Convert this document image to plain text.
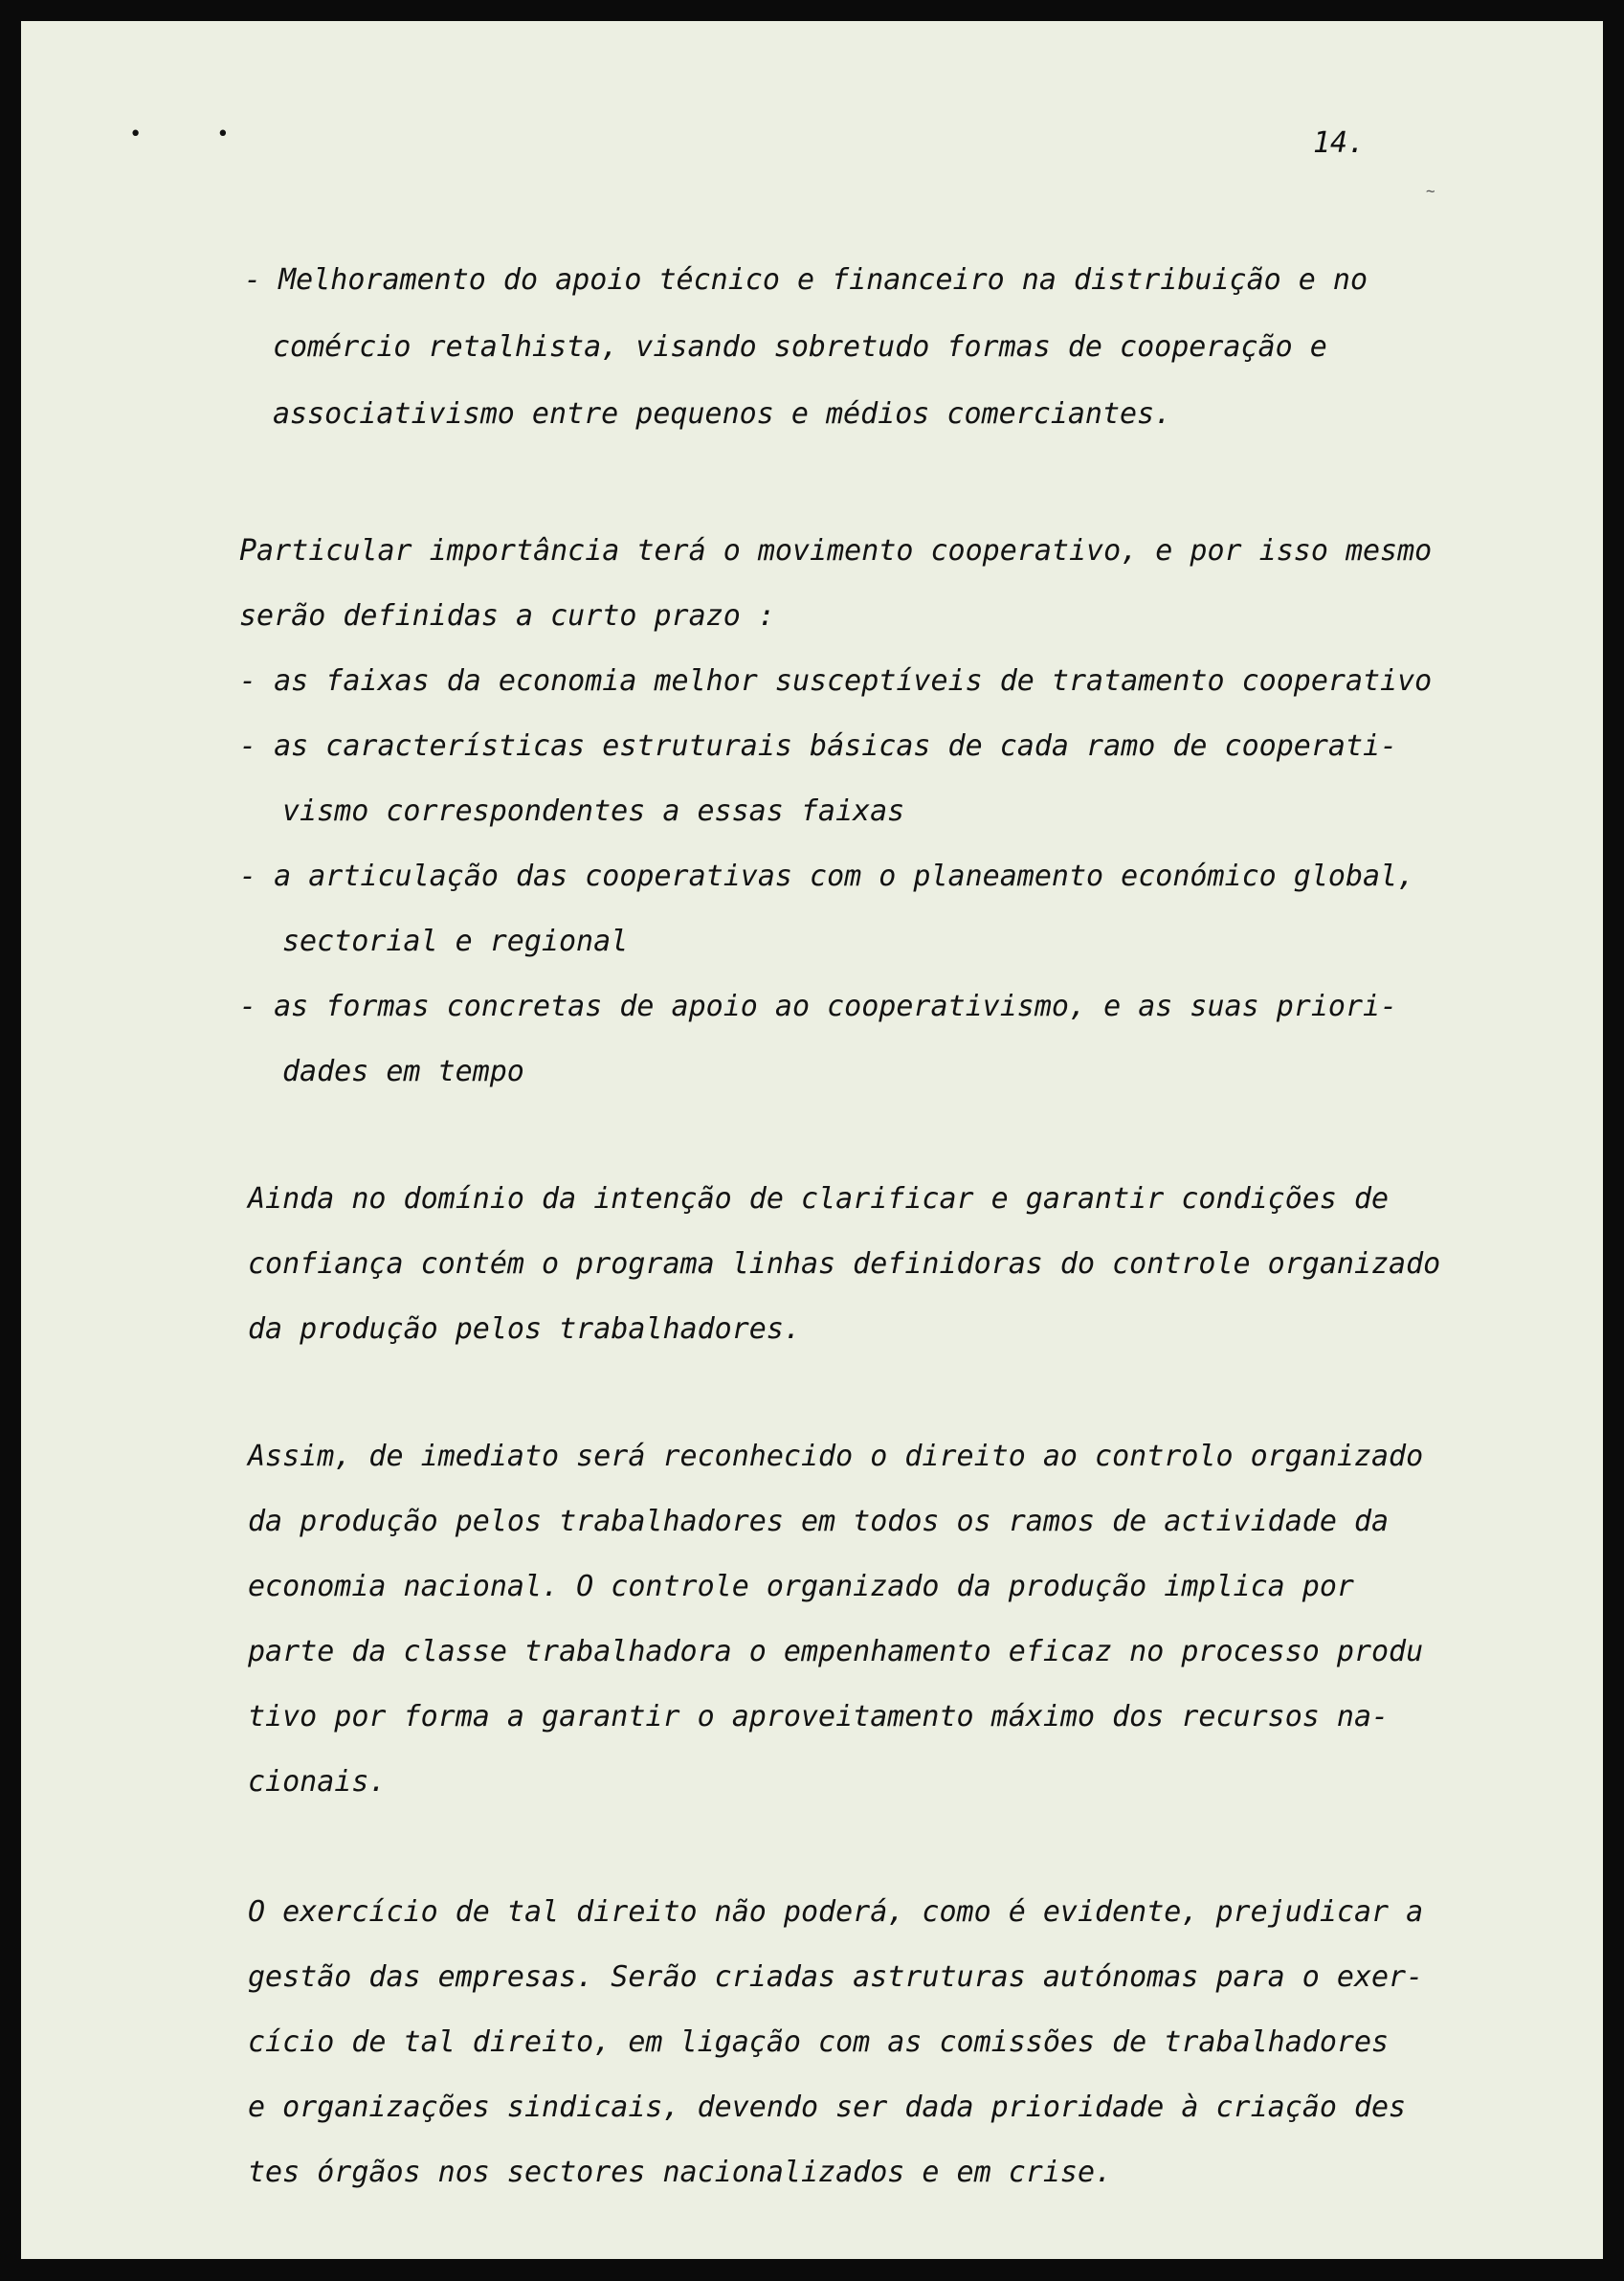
••	14.
~

- Melhoramento do apoio técnico e financeiro na distribuição e no

comércio retalhista, visando sobretudo formas de cooperação e

associativismo entre pequenos e médios comerciantes.

Particular importância terá o movimento cooperativo, e por isso mesmo

serão definidas a curto prazo :

- as faixas da economia melhor susceptíveis de tratamento cooperativo

- as características estruturais básicas de cada ramo de cooperati-

vismo correspondentes a essas faixas

- a articulação das cooperativas com o planeamento económico global,

sectorial e regional

- as formas concretas de apoio ao cooperativismo, e as suas priori-

dades em tempo

Ainda no domínio da intenção de clarificar e garantir condições de

confiança contém o programa linhas definidoras do controle organizado

da produção pelos trabalhadores.

Assim, de imediato será reconhecido o direito ao controlo organizado

da produção pelos trabalhadores em todos os ramos de actividade da

economia nacional. O controle organizado da produção implica por

parte da classe trabalhadora o empenhamento eficaz no processo produ

tivo por forma a garantir o aproveitamento máximo dos recursos na-

cionais.

O exercício de tal direito não poderá, como é evidente, prejudicar a

gestão das empresas. Serão criadas astruturas autónomas para o exer-

cício de tal direito, em ligação com as comissões de trabalhadores

e organizações sindicais, devendo ser dada prioridade à criação des

tes órgãos nos sectores nacionalizados e em crise.
